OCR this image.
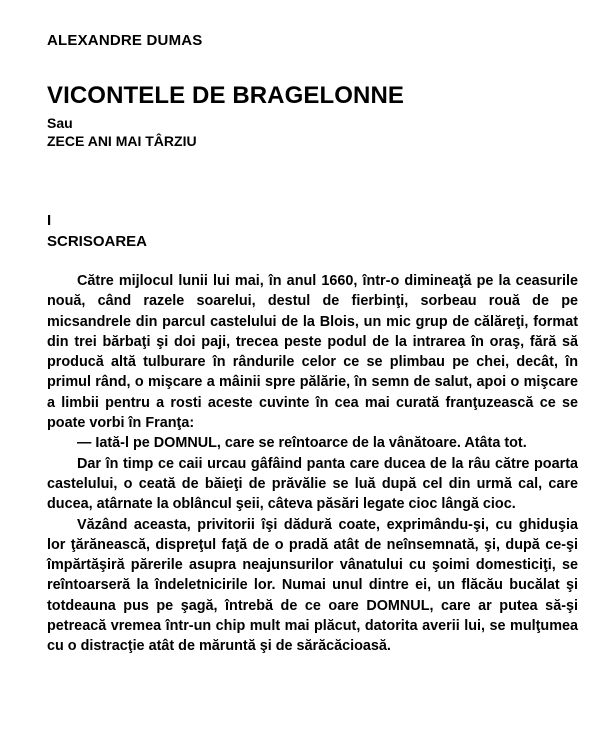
ALEXANDRE DUMAS
VICONTELE DE BRAGELONNE
Sau
ZECE ANI MAI TÂRZIU
I
SCRISOAREA

Către mijlocul lunii lui mai, în anul 1660, într-o dimineaţă pe la ceasurile nouă, când razele soarelui, destul de fierbinţi, sorbeau rouă de pe micsandrele din parcul castelului de la Blois, un mic grup de călăreţi, format din trei bărbaţi şi doi paji, trecea peste podul de la intrarea în oraş, fără să producă altă tulburare în rândurile celor ce se plimbau pe chei, decât, în primul rând, o mişcare a mâinii spre pălărie, în semn de salut, apoi o mişcare a limbii pentru a rosti aceste cuvinte în cea mai curată franţuzească ce se poate vorbi în Franţa:

— Iată-l pe DOMNUL, care se reîntoarce de la vânătoare. Atâta tot.

Dar în timp ce caii urcau gâfâind panta care ducea de la râu către poarta castelului, o ceată de băieţi de prăvălie se luă după cel din urmă cal, care ducea, atârnate la oblâncul şeii, câteva păsări legate cioc lângă cioc.

Văzând aceasta, privitorii îşi dădură coate, exprimându-şi, cu ghiduşia lor ţărănească, dispreţul faţă de o pradă atât de neînsemnată, şi, după ce-şi împărtăşiră părerile asupra neajunsurilor vânatului cu şoimi domesticiţi, se reîntoarseră la îndeletnicirile lor. Numai unul dintre ei, un flăcău bucălat şi totdeauna pus pe şagă, întrebă de ce oare DOMNUL, care ar putea să-şi petreacă vremea într-un chip mult mai plăcut, datorita averii lui, se mulţumea cu o distracţie atât de măruntă şi de sărăcăcioasă.
